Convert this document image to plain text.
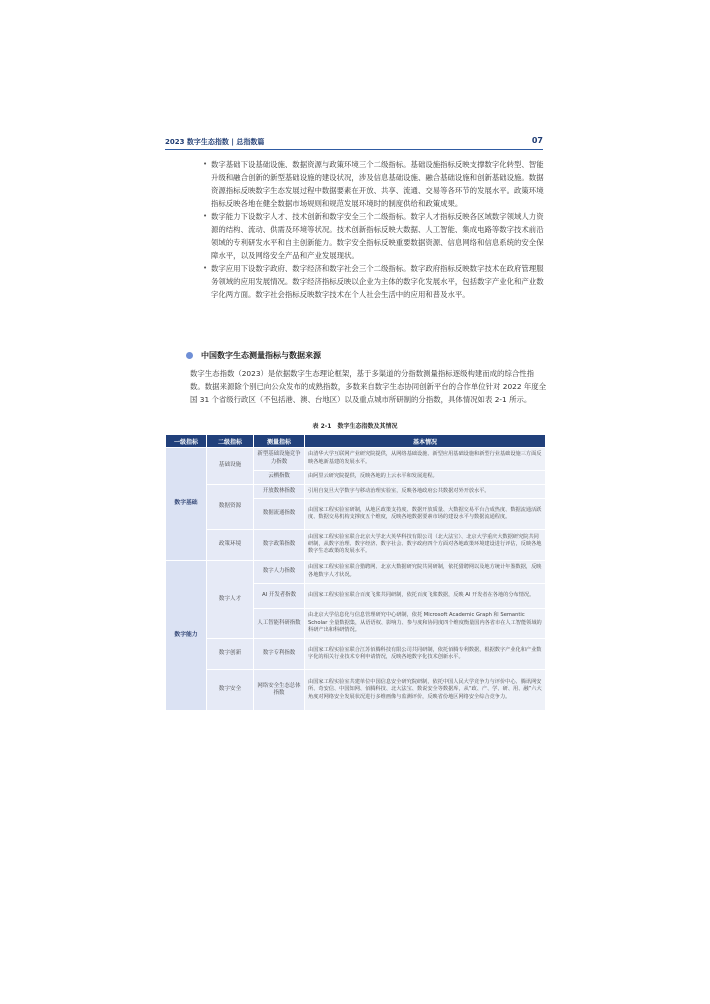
2023 数字生态指数 | 总指数篇	07
• 数字基础下设基础设施、数据资源与政策环境三个二级指标。基础设施指标反映支撑数字化转型、智能升级和融合创新的新型基础设施的建设状况，涉及信息基础设施、融合基础设施和创新基础设施。数据资源指标反映数字生态发展过程中数据要素在开放、共享、流通、交易等各环节的发展水平。政策环境指标反映各地在健全数据市场规则和规范发展环境时的制度供给和政策成果。
• 数字能力下设数字人才、技术创新和数字安全三个二级指标。数字人才指标反映各区域数字领域人力资源的结构、流动、供需及环境等状况。技术创新指标反映大数据、人工智能、集成电路等数字技术前沿领域的专利研发水平和自主创新能力。数字安全指标反映重要数据资源、信息网络和信息系统的安全保障水平，以及网络安全产品和产业发展现状。
• 数字应用下设数字政府、数字经济和数字社会三个二级指标。数字政府指标反映数字技术在政府管理服务领域的应用发展情况。数字经济指标反映以企业为主体的数字化发展水平，包括数字产业化和产业数字化两方面。数字社会指标反映数字技术在个人社会生活中的应用和普及水平。
中国数字生态测量指标与数据来源
数字生态指数（2023）是依据数字生态理论框架，基于多渠道的分指数测量指标逐级构建而成的综合性指数。数据来源除个别已向公众发布的成熟指数，多数来自数字生态协同创新平台的合作单位针对 2022 年度全国 31 个省级行政区（不包括港、澳、台地区）以及重点城市所研制的分指数，具体情况如表 2-1 所示。
表 2-1　数字生态指数及其情况
一级指标	二级指标	测量指标	基本情况
数字基础	基础设施	新型基础设施竞争力指数	由清华大学互联网产业研究院提供，从网络基础设施、新型应用基础设施和新型行业基础设施三方面反映各地新基建的发展水平。
		云栖指数	由阿里云研究院提供，反映各地的上云水平和发展进程。
	数据资源	开放数林指数	引用自复旦大学数字与移动治理实验室，反映各地政府公共数据对外开放水平。
		数据流通指数	由国家工程实验室研制，从地区政策支持度、数据开放质量、大数据交易平台合成热度、数据流通活跃度、数据交易机构支撑度五个维度，反映各地数据要素市场的建设水平与数据流通程度。
	政策环境	数字政策指数	由国家工程实验室联合北京大学北大英华科技有限公司（北大法宝）、北京大学重庆大数据研究院共同研制，从数字治理、数字经济、数字社会、数字政府四个方面对各地政策环境建设进行评估，反映各地数字生态政策的发展水平。
数字能力	数字人才	数字人力指数	由国家工程实验室联合猎聘网、北京大数据研究院共同研制，依托猎聘网以及地方统计年鉴数据，反映各地数字人才状况。
		AI 开发者指数	由国家工程实验室联合百度飞桨共同研制，依托百度飞桨数据，反映 AI 开发者在各地的分布情况。
		人工智能科研指数	由北京大学信息化与信息管理研究中心研制，依托 Microsoft Academic Graph 和 Semantic Scholar 全量数据集，从语语权、影响力、参与度和协同度四个维度衡量国内各省市在人工智能领域的科研产出和科研情况。
	数字创新	数字专利指数	由国家工程实验室联合江苏佰腾科技有限公司共同研制，依托佰腾专利数据，根据数字产业化和产业数字化的相关行业技术专利申请情况，反映各地数字化技术创新水平。
	数字安全	网络安全生态总体指数	由国家工程实验室共建单位中国信息安全研究院研制，依托中国人民大学竞争力与评价中心、腾讯网安所、奇安信、中国知网、佰腾科技、北大法宝、数说安全等数据库，从“政、产、学、研、用、融”六大角度对网络安全发展状况进行多维画像与监测评价，反映省份地区网络安全综合竞争力。
